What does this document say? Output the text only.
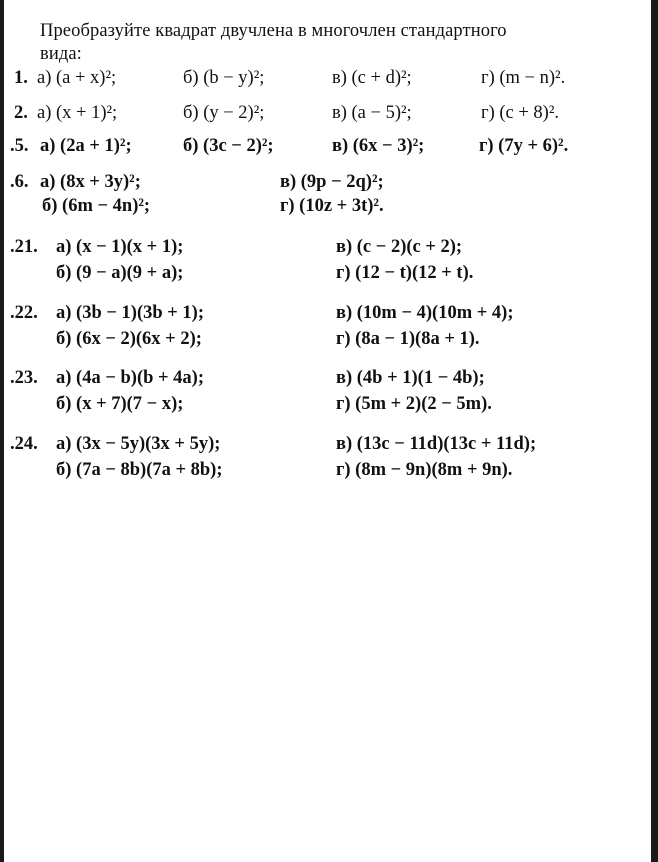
Преобразуйте квадрат двучлена в многочлен стандартного
вида:
1. а) (a + x)²;	б) (b − y)²;	в) (c + d)²;	г) (m − n)².
2. а) (x + 1)²;	б) (y − 2)²;	в) (a − 5)²;	г) (c + 8)².
.5. а) (2a + 1)²;	б) (3c − 2)²;	в) (6x − 3)²;	г) (7y + 6)².
.6. а) (8x + 3y)²;	в) (9p − 2q)²;
б) (6m − 4n)²;	г) (10z + 3t)².
.21. а) (x − 1)(x + 1);	в) (c − 2)(c + 2);
б) (9 − a)(9 + a);	г) (12 − t)(12 + t).
.22. а) (3b − 1)(3b + 1);	в) (10m − 4)(10m + 4);
б) (6x − 2)(6x + 2);	г) (8a − 1)(8a + 1).
.23. а) (4a − b)(b + 4a);	в) (4b + 1)(1 − 4b);
б) (x + 7)(7 − x);	г) (5m + 2)(2 − 5m).
.24. а) (3x − 5y)(3x + 5y);	в) (13c − 11d)(13c + 11d);
б) (7a − 8b)(7a + 8b);	г) (8m − 9n)(8m + 9n).
